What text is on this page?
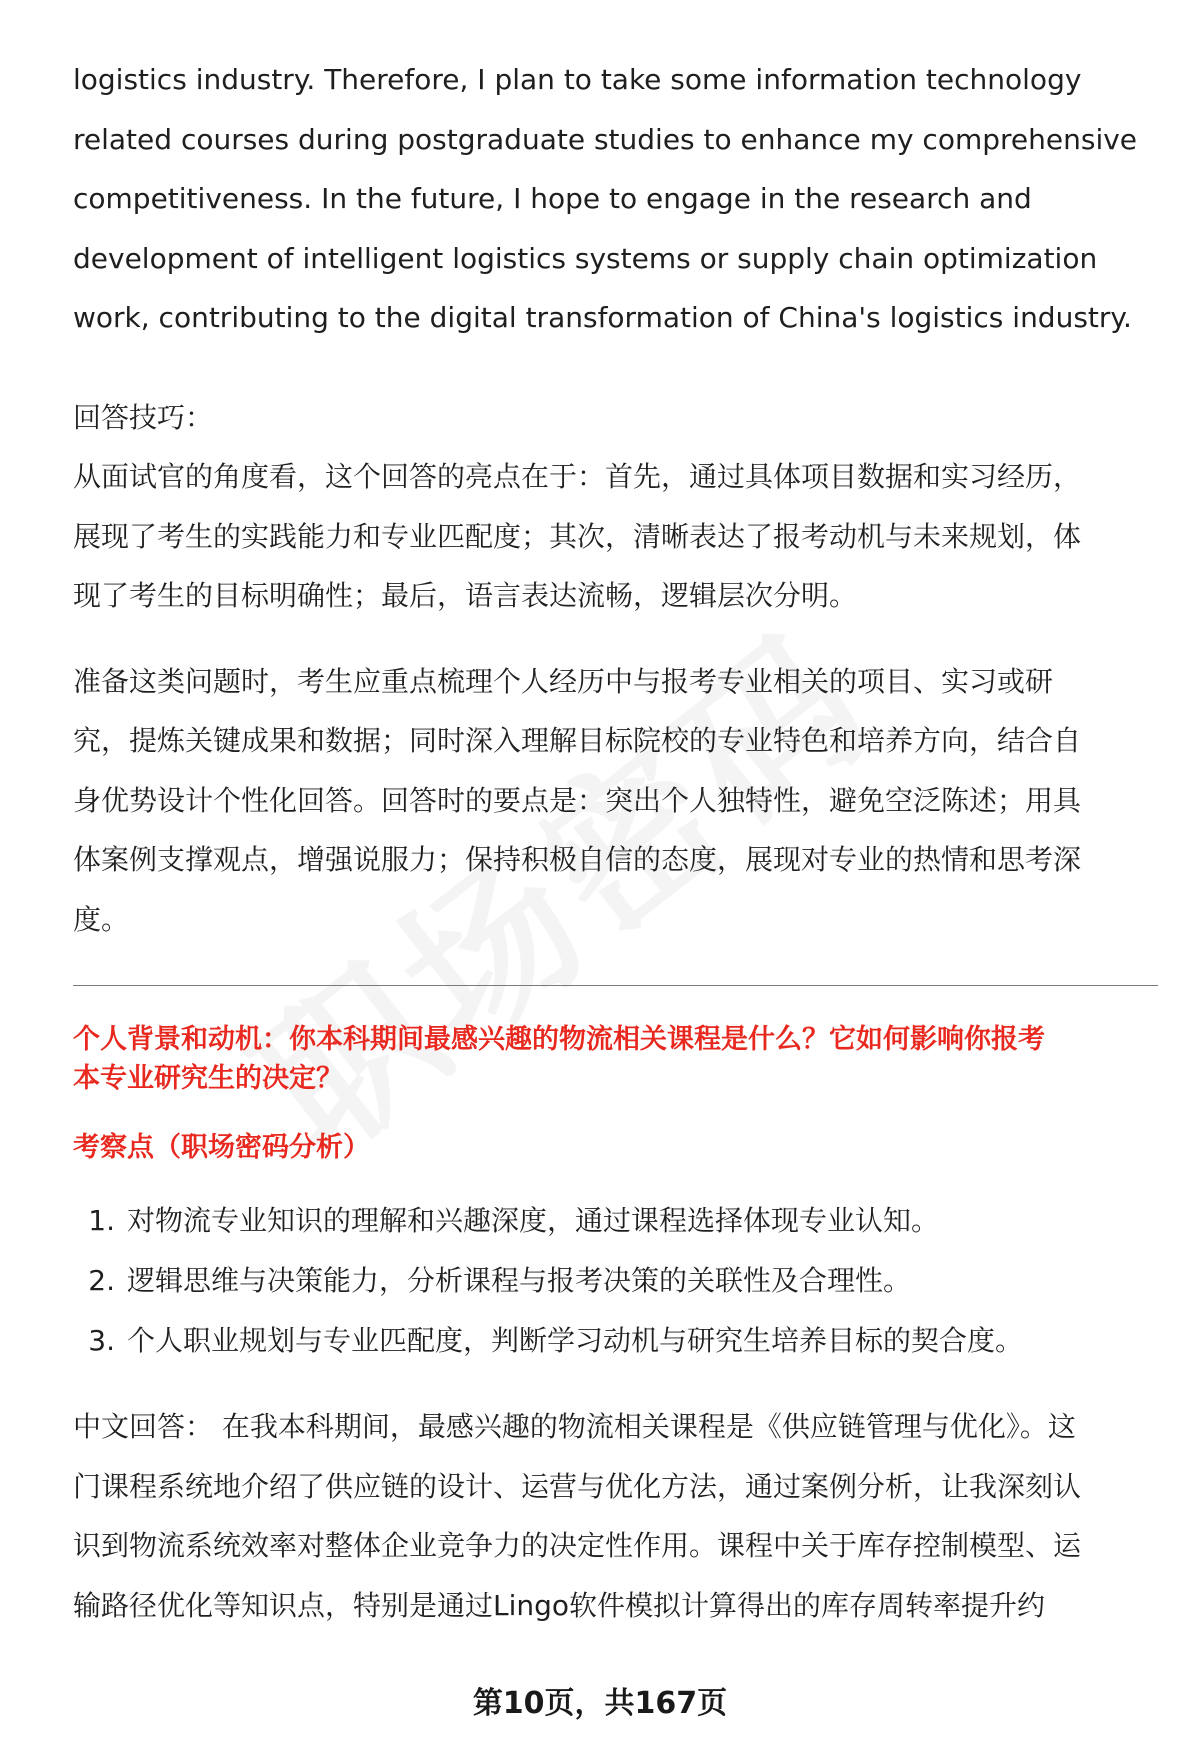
logistics industry. Therefore, I plan to take some information technology
related courses during postgraduate studies to enhance my comprehensive
competitiveness. In the future, I hope to engage in the research and
development of intelligent logistics systems or supply chain optimization
work, contributing to the digital transformation of China's logistics industry.
回答技巧：
从面试官的角度看，这个回答的亮点在于：首先，通过具体项目数据和实习经历，
展现了考生的实践能力和专业匹配度；其次，清晰表达了报考动机与未来规划，体
现了考生的目标明确性；最后，语言表达流畅，逻辑层次分明。
准备这类问题时，考生应重点梳理个人经历中与报考专业相关的项目、实习或研
究，提炼关键成果和数据；同时深入理解目标院校的专业特色和培养方向，结合自
身优势设计个性化回答。回答时的要点是：突出个人独特性，避免空泛陈述；用具
体案例支撑观点，增强说服力；保持积极自信的态度，展现对专业的热情和思考深
度。
个人背景和动机：你本科期间最感兴趣的物流相关课程是什么？它如何影响你报考
本专业研究生的决定？
考察点（职场密码分析）
1. 对物流专业知识的理解和兴趣深度，通过课程选择体现专业认知。
2. 逻辑思维与决策能力，分析课程与报考决策的关联性及合理性。
3. 个人职业规划与专业匹配度，判断学习动机与研究生培养目标的契合度。
中文回答： 在我本科期间，最感兴趣的物流相关课程是《供应链管理与优化》。这
门课程系统地介绍了供应链的设计、运营与优化方法，通过案例分析，让我深刻认
识到物流系统效率对整体企业竞争力的决定性作用。课程中关于库存控制模型、运
输路径优化等知识点，特别是通过Lingo软件模拟计算得出的库存周转率提升约
第10页，共167页
